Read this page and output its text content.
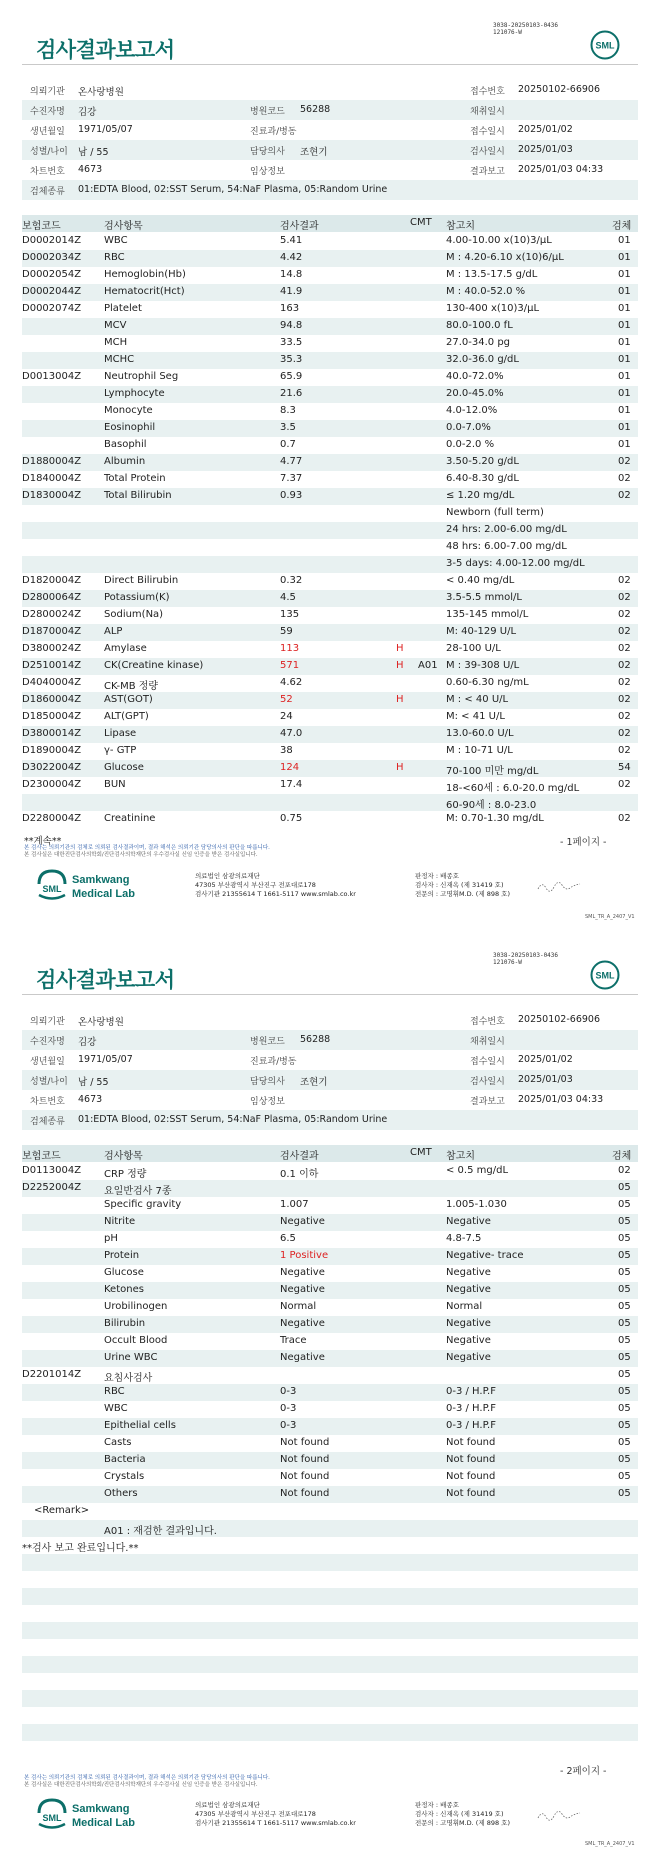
3038-20250103-0436
121076-W
검사결과보고서	SML
의뢰기관 온사랑병원	접수번호 20250102-66906
수진자명 김강	병원코드 56288	채취일시
생년월일 1971/05/07	진료과/병동	접수일시 2025/01/02
성별/나이 남 / 55	담당의사 조현기	검사일시 2025/01/03
차트번호 4673	임상정보	결과보고 2025/01/03 04:33
검체종류 01:EDTA Blood, 02:SST Serum, 54:NaF Plasma, 05:Random Urine
보험코드	검사항목	검사결과	CMT 참고치	검체
D0002014Z WBC	5.41	4.00-10.00 x(10)3/μL	01
D0002034Z RBC	4.42	M : 4.20-6.10 x(10)6/μL	01
D0002054Z Hemoglobin(Hb)	14.8	M : 13.5-17.5 g/dL	01
D0002044Z Hematocrit(Hct)	41.9	M : 40.0-52.0 %	01
D0002074Z Platelet	163	130-400 x(10)3/μL	01
MCV	94.8	80.0-100.0 fL	01
MCH	33.5	27.0-34.0 pg	01
MCHC	35.3	32.0-36.0 g/dL	01
D0013004Z Neutrophil Seg	65.9	40.0-72.0%	01
Lymphocyte	21.6	20.0-45.0%	01
Monocyte	8.3	4.0-12.0%	01
Eosinophil	3.5	0.0-7.0%	01
Basophil	0.7	0.0-2.0 %	01
D1880004Z Albumin	4.77	3.50-5.20 g/dL	02
D1840004Z Total Protein	7.37	6.40-8.30 g/dL	02
D1830004Z Total Bilirubin	0.93	≤ 1.20 mg/dL	02
Newborn (full term)
24 hrs: 2.00-6.00 mg/dL
48 hrs: 6.00-7.00 mg/dL
3-5 days: 4.00-12.00 mg/dL
D1820004Z Direct Bilirubin	0.32	< 0.40 mg/dL	02
D2800064Z Potassium(K)	4.5	3.5-5.5 mmol/L	02
D2800024Z Sodium(Na)	135	135-145 mmol/L	02
D1870004Z ALP	59	M: 40-129 U/L	02
D3800024Z Amylase	113	H	28-100 U/L	02
D2510014Z CK(Creatine kinase)	571	H A01 M : 39-308 U/L	02
D4040004Z CK-MB 정량	4.62	0.60-6.30 ng/mL	02
D1860004Z AST(GOT)	52	H	M : < 40 U/L	02
D1850004Z ALT(GPT)	24	M: < 41 U/L	02
D3800014Z Lipase	47.0	13.0-60.0 U/L	02
D1890004Z γ- GTP	38	M : 10-71 U/L	02
D3022004Z Glucose	124	H	70-100 미만 mg/dL	54
D2300004Z BUN	17.4	18-<60세 : 6.0-20.0 mg/dL	02
60-90세 : 8.0-23.0
D2280004Z Creatinine	0.75	M: 0.70-1.30 mg/dL	02
**계속**	- 1페이지 -
본 검사는 의뢰기관의 검체로 의뢰된 검사결과이며, 결과 해석은 의뢰기관 담당의사의 판단을 따릅니다.
본 검사실은 대한진단검사의학회/진단검사의학재단의 우수검사실 신임 인증을 받은 검사실입니다.
SML
Samkwang
Medical Lab
의료법인 삼광의료재단
47305 부산광역시 부산진구 전포대로178
검사기관 21355614 T 1661-5117 www.smlab.co.kr
판정자 : 배종호
검사자 : 신재옥 (제 31419 호)
전문의 : 고명휘M.D. (제 898 호)
SML_TR_A_2407_V1
3038-20250103-0436
121076-W
검사결과보고서	SML
의뢰기관 온사랑병원	접수번호 20250102-66906
수진자명 김강	병원코드 56288	채취일시
생년월일 1971/05/07	진료과/병동	접수일시 2025/01/02
성별/나이 남 / 55	담당의사 조현기	검사일시 2025/01/03
차트번호 4673	임상정보	결과보고 2025/01/03 04:33
검체종류 01:EDTA Blood, 02:SST Serum, 54:NaF Plasma, 05:Random Urine
보험코드	검사항목	검사결과	CMT 참고치	검체
D0113004Z CRP 정량	0.1 이하	< 0.5 mg/dL	02
D2252004Z 요일반검사 7종	05
Specific gravity	1.007	1.005-1.030	05
Nitrite	Negative	Negative	05
pH	6.5	4.8-7.5	05
Protein	1 Positive	Negative- trace	05
Glucose	Negative	Negative	05
Ketones	Negative	Negative	05
Urobilinogen	Normal	Normal	05
Bilirubin	Negative	Negative	05
Occult Blood	Trace	Negative	05
Urine WBC	Negative	Negative	05
D2201014Z 요침사검사	05
RBC	0-3	0-3 / H.P.F	05
WBC	0-3	0-3 / H.P.F	05
Epithelial cells	0-3	0-3 / H.P.F	05
Casts	Not found	Not found	05
Bacteria	Not found	Not found	05
Crystals	Not found	Not found	05
Others	Not found	Not found	05
<Remark>
A01 : 재검한 결과입니다.
**검사 보고 완료입니다.**
- 2페이지 -
본 검사는 의뢰기관의 검체로 의뢰된 검사결과이며, 결과 해석은 의뢰기관 담당의사의 판단을 따릅니다.
본 검사실은 대한진단검사의학회/진단검사의학재단의 우수검사실 신임 인증을 받은 검사실입니다.
SML
Samkwang
Medical Lab
의료법인 삼광의료재단
47305 부산광역시 부산진구 전포대로178
검사기관 21355614 T 1661-5117 www.smlab.co.kr
판정자 : 배종호
검사자 : 신재옥 (제 31419 호)
전문의 : 고명휘M.D. (제 898 호)
SML_TR_A_2407_V1
